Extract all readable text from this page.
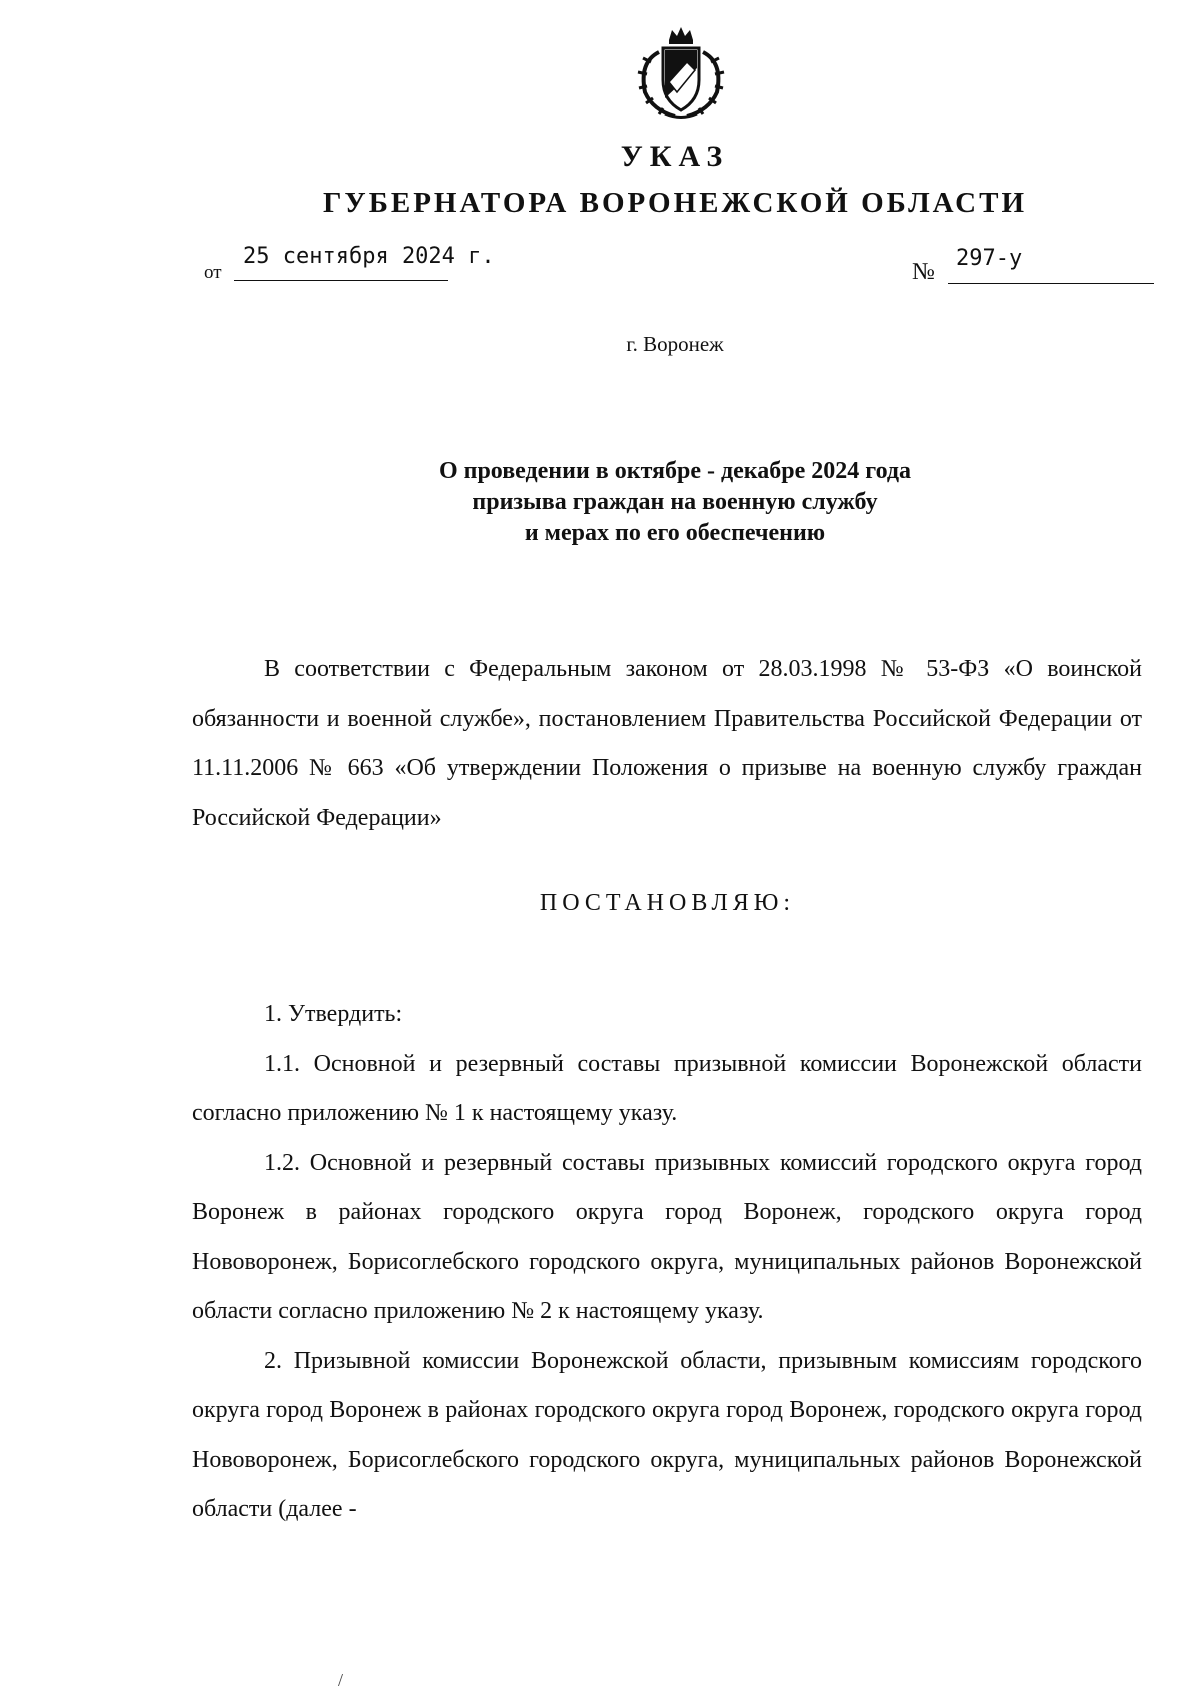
УКАЗ
ГУБЕРНАТОРА ВОРОНЕЖСКОЙ ОБЛАСТИ
от
25 сентября 2024 г.
№
297-у
г. Воронеж
О проведении в октябре - декабре 2024 года
призыва граждан на военную службу
и мерах по его обеспечению
В соответствии с Федеральным законом от 28.03.1998 № 53-ФЗ «О воинской обязанности и военной службе», постановлением Правительства Российской Федерации от 11.11.2006 № 663 «Об утверждении Положения о призыве на военную службу граждан Российской Федерации»
ПОСТАНОВЛЯЮ:

1. Утвердить:

1.1. Основной и резервный составы призывной комиссии Воронежской области согласно приложению № 1 к настоящему указу.

1.2. Основной и резервный составы призывных комиссий городского округа город Воронеж в районах городского округа город Воронеж, городского округа город Нововоронеж, Борисоглебского городского округа, муниципальных районов Воронежской области согласно приложению № 2 к настоящему указу.

2. Призывной комиссии Воронежской области, призывным комиссиям городского округа город Воронеж в районах городского округа город Воронеж, городского округа город Нововоронеж, Борисоглебского городского округа, муниципальных районов Воронежской области (далее -

/
